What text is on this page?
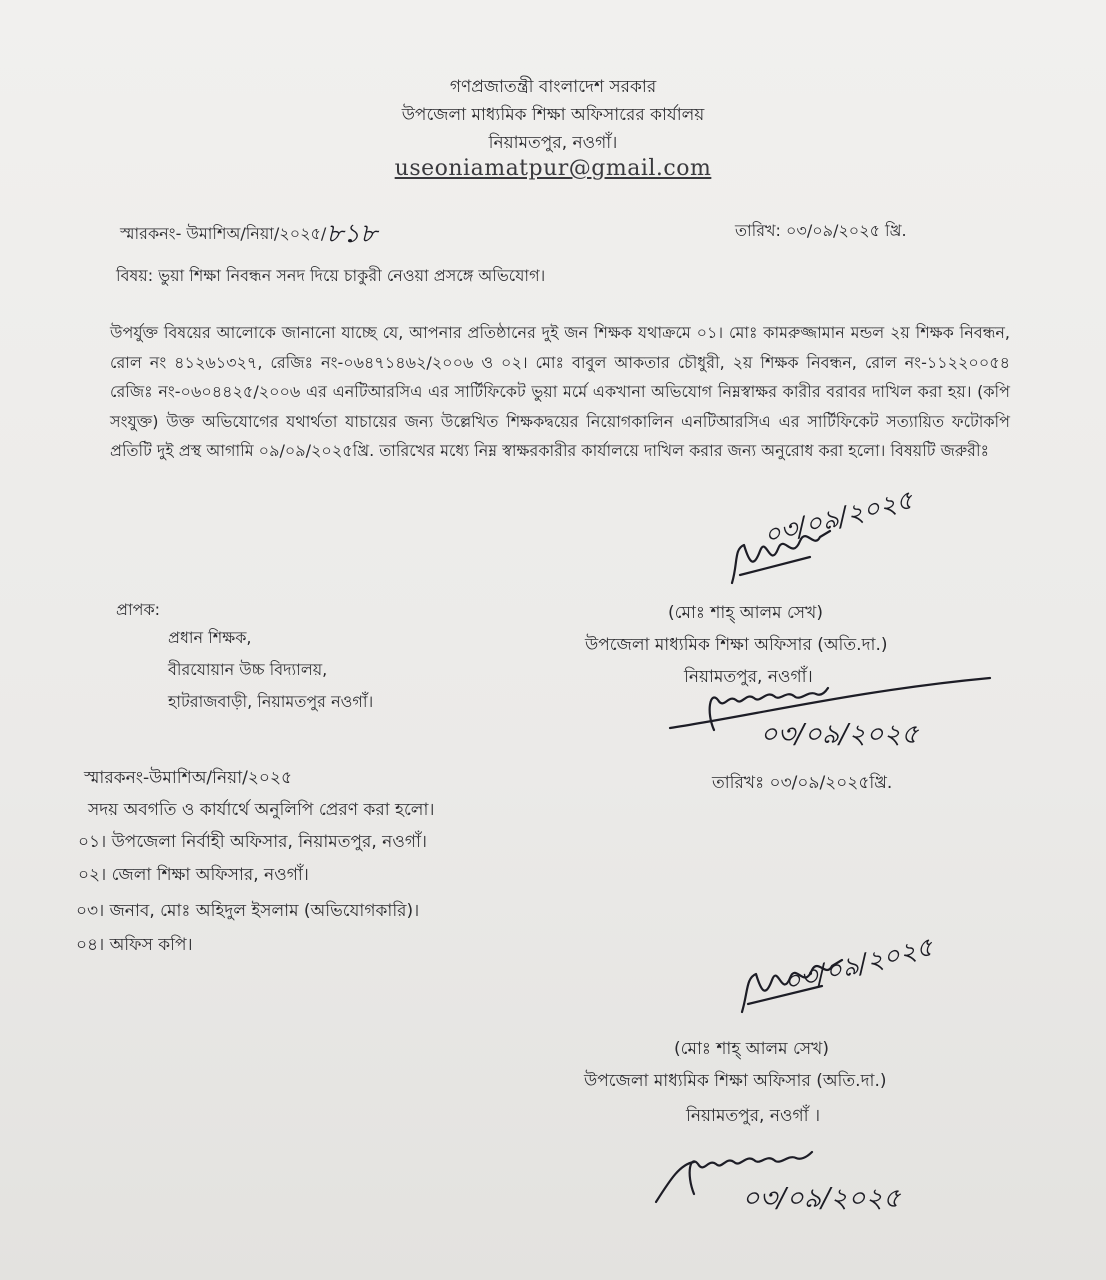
গণপ্রজাতন্ত্রী বাংলাদেশ সরকার
উপজেলা মাধ্যমিক শিক্ষা অফিসারের কার্যালয়
নিয়ামতপুর, নওগাঁ।
useoniamatpur@gmail.com
স্মারকনং- উমাশিঅ/নিয়া/২০২৫/৮১৮	তারিখ: ০৩/০৯/২০২৫ খ্রি.
বিষয়: ভুয়া শিক্ষা নিবন্ধন সনদ দিয়ে চাকুরী নেওয়া প্রসঙ্গে অভিযোগ।
উপর্যুক্ত বিষয়ের আলোকে জানানো যাচ্ছে যে, আপনার প্রতিষ্ঠানের দুই জন শিক্ষক যথাক্রমে ০১। মোঃ কামরুজ্জামান মন্ডল ২য় শিক্ষক নিবন্ধন, রোল নং ৪১২৬১৩২৭, রেজিঃ নং-০৬৪৭১৪৬২/২০০৬ ও ০২। মোঃ বাবুল আকতার চৌধুরী, ২য় শিক্ষক নিবন্ধন, রোল নং-১১২২০০৫৪ রেজিঃ নং-০৬০৪৪২৫/২০০৬ এর এনটিআরসিএ এর সার্টিফিকেট ভুয়া মর্মে একখানা অভিযোগ নিম্নস্বাক্ষর কারীর বরাবর দাখিল করা হয়। (কপি সংযুক্ত) উক্ত অভিযোগের যথার্থতা যাচায়ের জন্য উল্লেখিত শিক্ষকদ্বয়ের নিয়োগকালিন এনটিআরসিএ এর সার্টিফিকেট সত্যায়িত ফটোকপি প্রতিটি দুই প্রস্থ আগামি ০৯/০৯/২০২৫খ্রি. তারিখের মধ্যে নিম্ন স্বাক্ষরকারীর কার্যালয়ে দাখিল করার জন্য অনুরোধ করা হলো। বিষয়টি জরুরীঃ
০৩/০৯/২০২৫
(মোঃ শাহ্ আলম সেখ)
উপজেলা মাধ্যমিক শিক্ষা অফিসার (অতি.দা.)
নিয়ামতপুর, নওগাঁ।
০৩/০৯/২০২৫
প্রাপক:
প্রধান শিক্ষক,
বীরযোয়ান উচ্চ বিদ্যালয়,
হাটরাজবাড়ী, নিয়ামতপুর নওগাঁ।
স্মারকনং-উমাশিঅ/নিয়া/২০২৫	তারিখঃ ০৩/০৯/২০২৫খ্রি.
সদয় অবগতি ও কার্যার্থে অনুলিপি প্রেরণ করা হলো।
০১। উপজেলা নির্বাহী অফিসার, নিয়ামতপুর, নওগাঁ।
০২। জেলা শিক্ষা অফিসার, নওগাঁ।
০৩। জনাব, মোঃ অহিদুল ইসলাম (অভিযোগকারি)।
০৪। অফিস কপি।	০৩/০৯/২০২৫
(মোঃ শাহ্ আলম সেখ)
উপজেলা মাধ্যমিক শিক্ষা অফিসার (অতি.দা.)
নিয়ামতপুর, নওগাঁ ।
০৩/০৯/২০২৫
